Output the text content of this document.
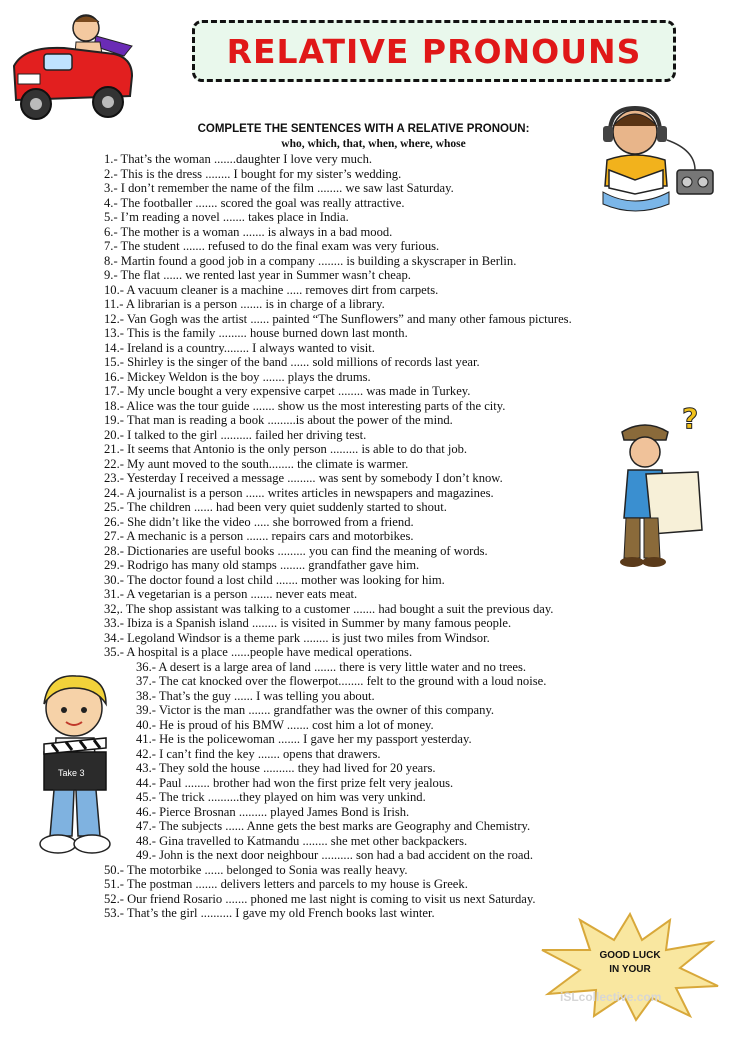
RELATIVE PRONOUNS
COMPLETE THE SENTENCES WITH A RELATIVE PRONOUN:
who, which, that, when, where, whose
1.- That’s the woman .......daughter I love very much.
2.- This is the dress ........ I bought for my sister’s wedding.
3.- I don’t remember the name of the film ........ we saw last Saturday.
4.- The footballer ....... scored the goal was really attractive.
5.- I’m reading a novel ....... takes place in India.
6.- The mother is a woman ....... is always in a bad mood.
7.- The student ....... refused to do the final exam was very furious.
8.- Martin found a good job in a company ........ is building a skyscraper in Berlin.
9.- The flat ...... we rented last year in Summer wasn’t cheap.
10.- A vacuum cleaner is a machine ..... removes dirt from carpets.
11.- A librarian is a person ....... is in charge of a library.
12.- Van Gogh was the artist ...... painted “The Sunflowers” and many other famous pictures.
13.- This is the family ......... house burned down last month.
14.- Ireland is a country........ I always wanted to visit.
15.- Shirley is the singer of the band ...... sold millions of records last year.
16.- Mickey Weldon is the boy ....... plays the drums.
17.- My uncle bought a very expensive carpet ........ was made in Turkey.
18.- Alice was the tour guide ....... show us the most interesting parts of the city.
19.- That man is reading a book .........is about the power of the mind.
20.- I talked to the girl .......... failed her driving test.
21.- It seems that Antonio is the only person ......... is able to do that job.
22.- My aunt moved to the south........ the climate is warmer.
23.- Yesterday I received a message ......... was sent by somebody I don’t know.
24.- A journalist is a person ...... writes articles in newspapers and magazines.
25.- The children ...... had been very quiet suddenly started to shout.
26.- She didn’t like the video ..... she borrowed from a friend.
27.- A mechanic is a person ....... repairs cars and motorbikes.
28.- Dictionaries are useful books ......... you can find the meaning of words.
29.- Rodrigo has many old stamps ........ grandfather gave him.
30.- The doctor found a lost child ....... mother was looking for him.
31.- A vegetarian is a person ....... never eats meat.
32,. The shop assistant was talking to a customer ....... had bought a suit the previous day.
33.- Ibiza is a Spanish island ........ is visited in Summer by many famous people.
34.- Legoland Windsor is a theme park ........ is just two miles from Windsor.
35.- A hospital is a place ......people have medical operations.
36.- A desert is a large area of land ....... there is very little water and no trees.
37.- The cat knocked over the flowerpot........ felt to the ground with a loud noise.
38.- That’s the guy ...... I was telling you about.
39.- Victor is the man ....... grandfather was the owner of this company.
40.- He is proud of his BMW ....... cost him a lot of money.
41.- He is the policewoman ....... I gave her my passport yesterday.
42.- I can’t find the key ....... opens that drawers.
43.- They sold the house .......... they had lived for 20 years.
44.- Paul ........ brother had won the first prize felt very jealous.
45.- The trick ..........they played on him was very unkind.
46.- Pierce Brosnan ......... played James Bond is Irish.
47.- The subjects ...... Anne gets the best marks are Geography and Chemistry.
48.- Gina travelled to Katmandu ........ she met other backpackers.
49.- John is the next door neighbour .......... son had a bad accident on the road.
50.- The motorbike ...... belonged to Sonia was really heavy.
51.- The postman ....... delivers letters and parcels to my house is Greek.
52.- Our friend Rosario ....... phoned me last night is coming to visit us next Saturday.
53.- That’s the girl .......... I gave my old French books last winter.
?
Take 3
GOOD LUCK
IN YOUR
iSLcollective.com
